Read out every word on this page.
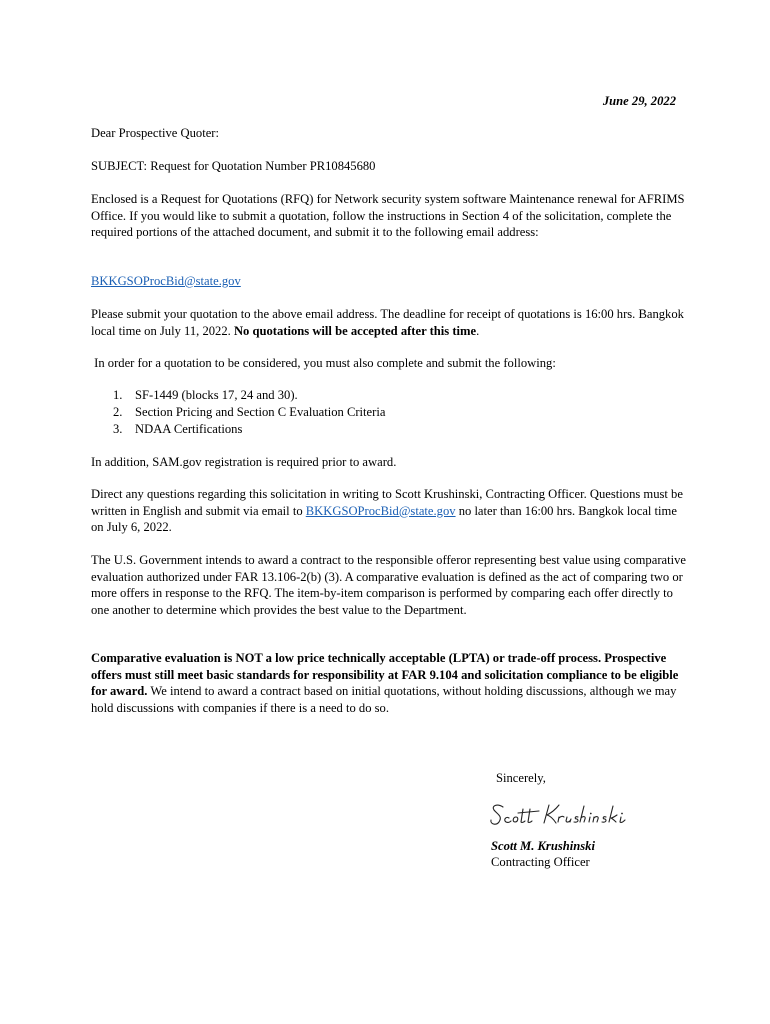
June 29, 2022

Dear Prospective Quoter:

SUBJECT: Request for Quotation Number PR10845680

Enclosed is a Request for Quotations (RFQ) for Network security system software Maintenance renewal for AFRIMS Office. If you would like to submit a quotation, follow the instructions in Section 4 of the solicitation, complete the required portions of the attached document, and submit it to the following email address:

BKKGSOProcBid@state.gov

Please submit your quotation to the above email address. The deadline for receipt of quotations is 16:00 hrs. Bangkok local time on July 11, 2022. No quotations will be accepted after this time.

In order for a quotation to be considered, you must also complete and submit the following:

1. SF-1449 (blocks 17, 24 and 30).
2. Section Pricing and Section C Evaluation Criteria
3. NDAA Certifications

In addition, SAM.gov registration is required prior to award.

Direct any questions regarding this solicitation in writing to Scott Krushinski, Contracting Officer. Questions must be written in English and submit via email to BKKGSOProcBid@state.gov no later than 16:00 hrs. Bangkok local time on July 6, 2022.

The U.S. Government intends to award a contract to the responsible offeror representing best value using comparative evaluation authorized under FAR 13.106-2(b) (3). A comparative evaluation is defined as the act of comparing two or more offers in response to the RFQ. The item-by-item comparison is performed by comparing each offer directly to one another to determine which provides the best value to the Department.

Comparative evaluation is NOT a low price technically acceptable (LPTA) or trade-off process. Prospective offers must still meet basic standards for responsibility at FAR 9.104 and solicitation compliance to be eligible for award. We intend to award a contract based on initial quotations, without holding discussions, although we may hold discussions with companies if there is a need to do so.

Sincerely,
Scott M. Krushinski
Contracting Officer
